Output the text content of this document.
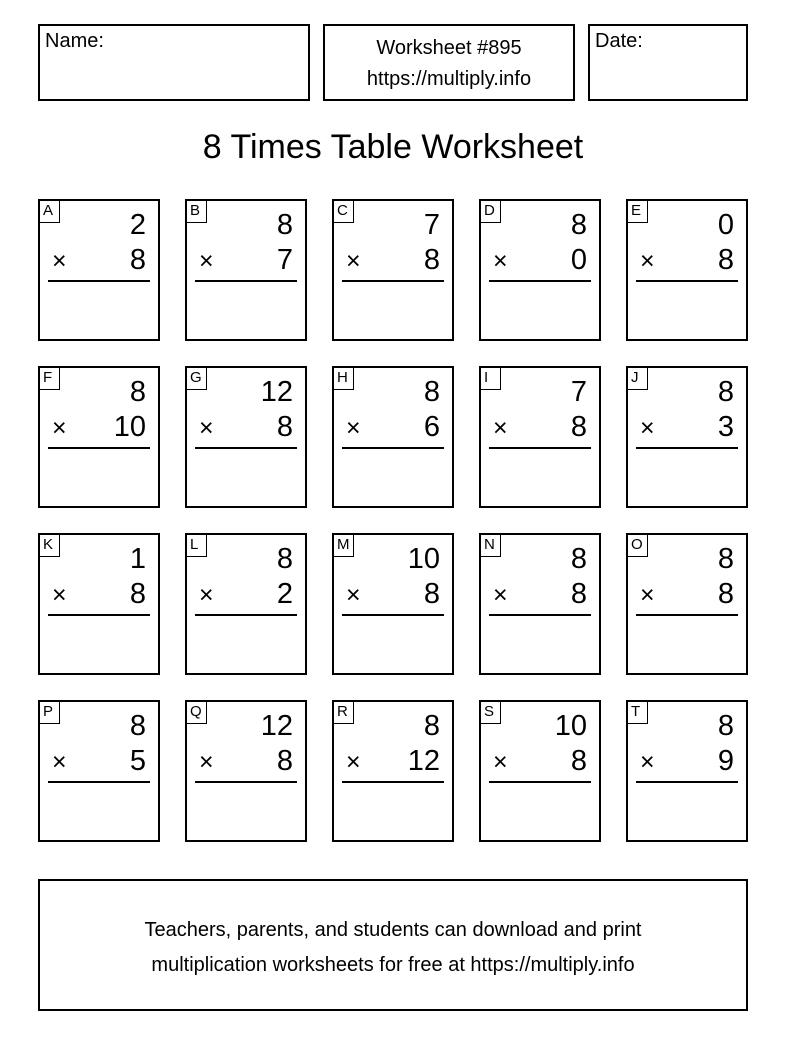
Name:	Worksheet #895
https://multiply.info
Date:
8 Times Table Worksheet
A	2
× 8
B	8
× 7
C	7
× 8
D	8
× 0
E	0
× 8
F	8
× 10
G 12
× 8
H	8
× 6
I	7
× 8
J	8
× 3
K	1
× 8
L	8
× 2
M 10
× 8
N	8
× 8
O	8
× 8
P	8
× 5
Q 12
× 8
R	8
× 12
S 10
× 8
T	8
× 9
Teachers, parents, and students can download and print
multiplication worksheets for free at https://multiply.info
